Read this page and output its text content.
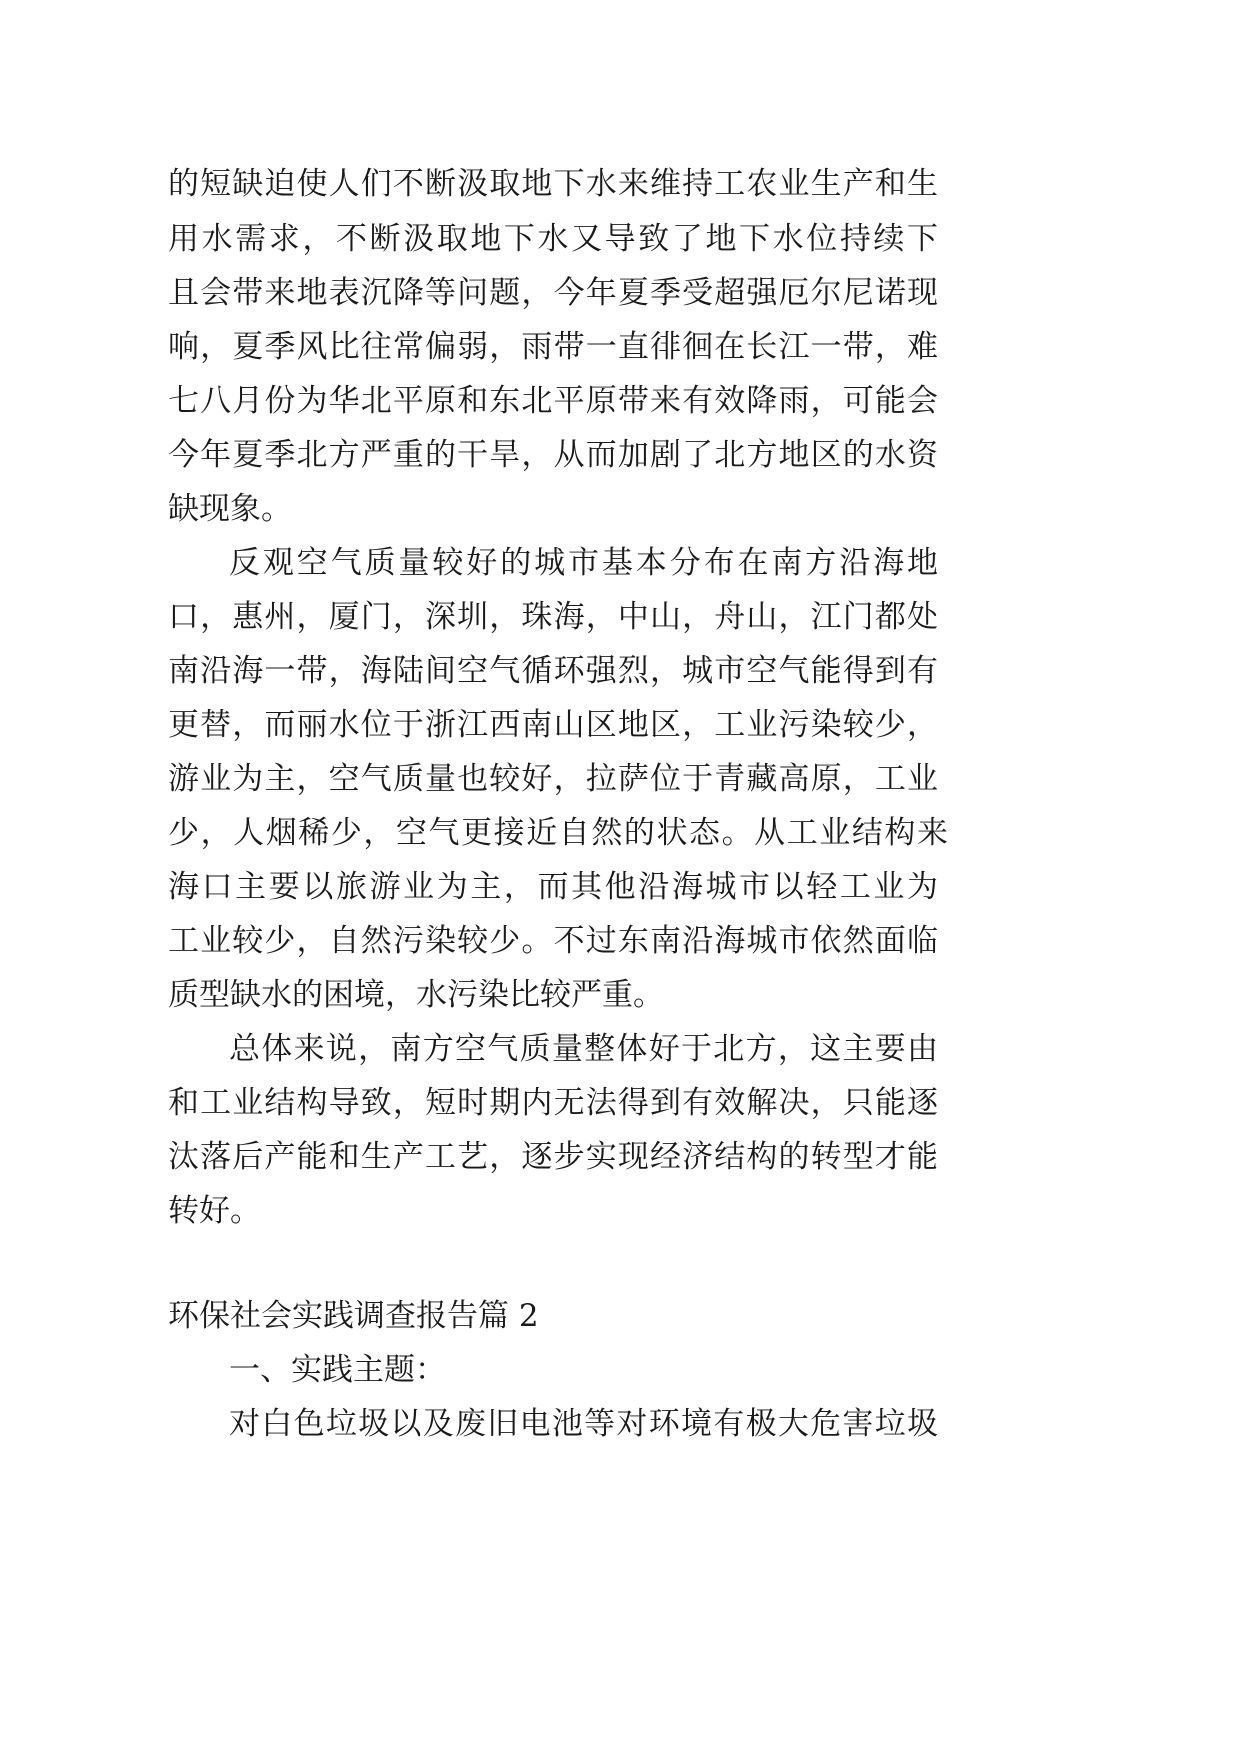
的短缺迫使人们不断汲取地下水来维持工农业生产和生
用水需求，不断汲取地下水又导致了地下水位持续下
且会带来地表沉降等问题，今年夏季受超强厄尔尼诺现
响，夏季风比往常偏弱，雨带一直徘徊在长江一带，难
七八月份为华北平原和东北平原带来有效降雨，可能会
今年夏季北方严重的干旱，从而加剧了北方地区的水资
缺现象。
反观空气质量较好的城市基本分布在南方沿海地
口，惠州，厦门，深圳，珠海，中山，舟山，江门都处
南沿海一带，海陆间空气循环强烈，城市空气能得到有
更替，而丽水位于浙江西南山区地区，工业污染较少，
游业为主，空气质量也较好，拉萨位于青藏高原，工业
少，人烟稀少，空气更接近自然的状态。从工业结构来
海口主要以旅游业为主，而其他沿海城市以轻工业为
工业较少，自然污染较少。不过东南沿海城市依然面临
质型缺水的困境，水污染比较严重。
总体来说，南方空气质量整体好于北方，这主要由
和工业结构导致，短时期内无法得到有效解决，只能逐
汰落后产能和生产工艺，逐步实现经济结构的转型才能
转好。
环保社会实践调查报告篇 2
一、实践主题：
对白色垃圾以及废旧电池等对环境有极大危害垃圾
